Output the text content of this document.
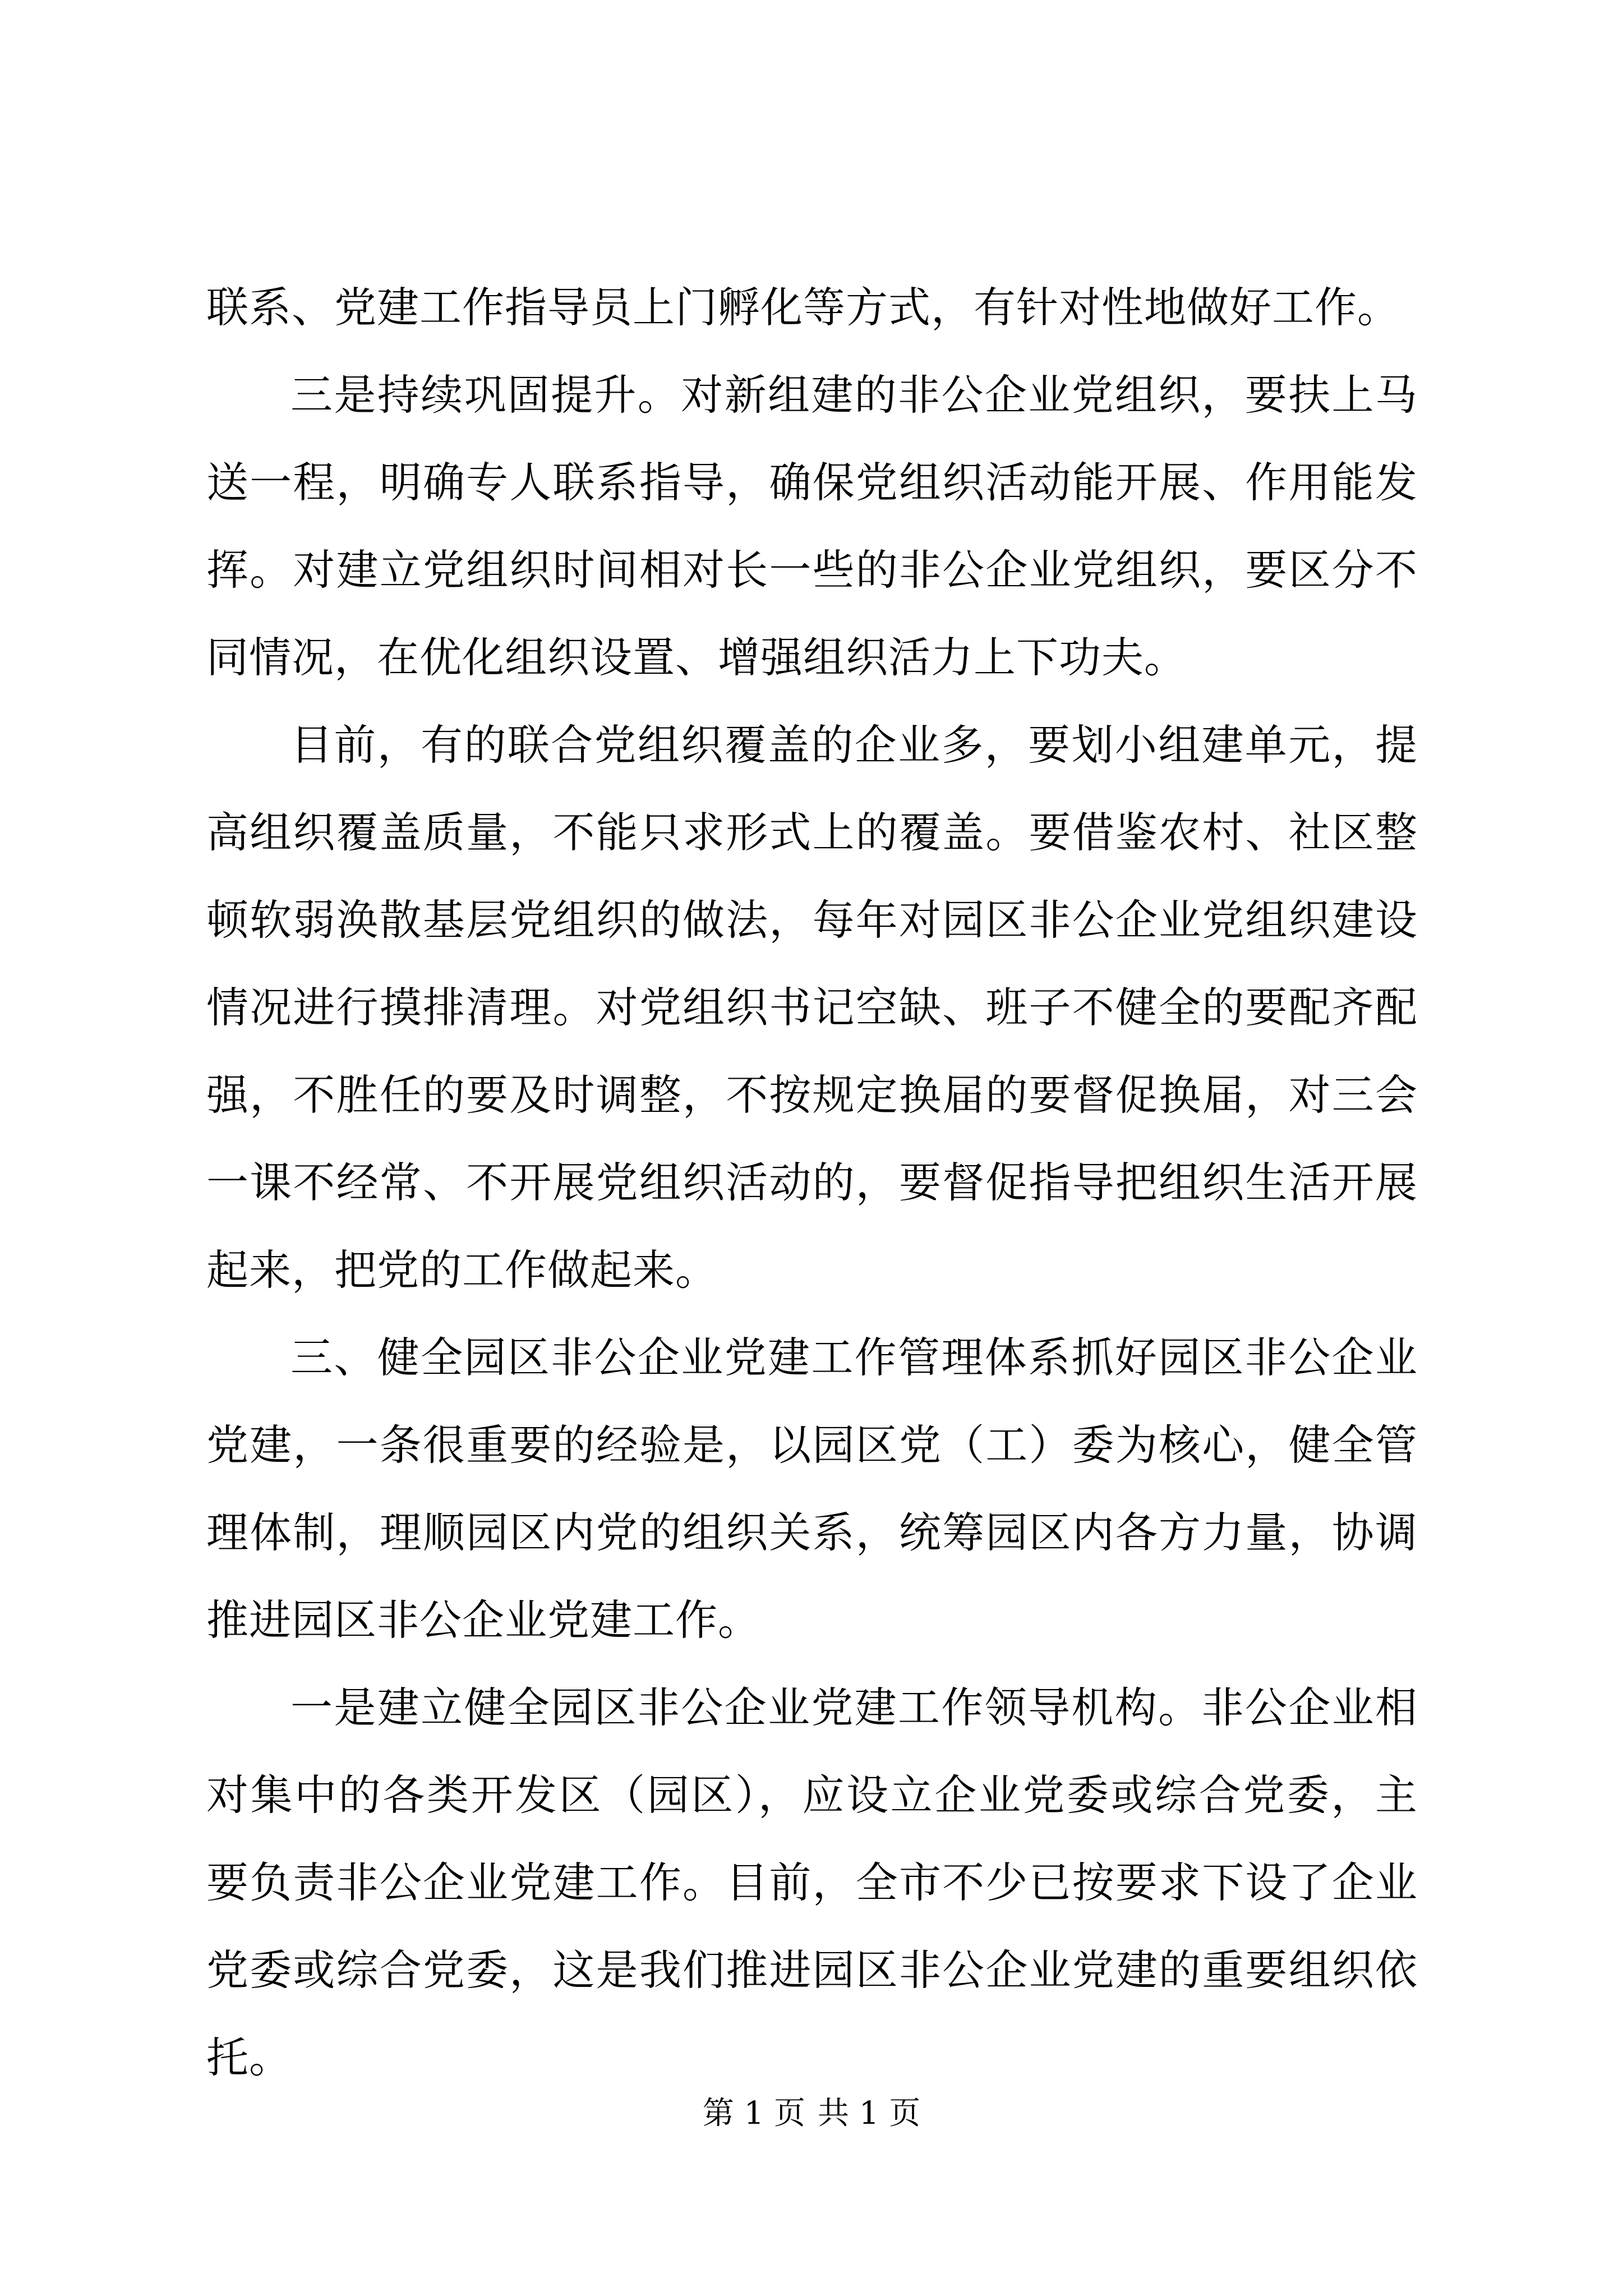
联系、党建工作指导员上门孵化等方式，有针对性地做好工作。

三是持续巩固提升。对新组建的非公企业党组织，要扶上马送一程，明确专人联系指导，确保党组织活动能开展、作用能发挥。对建立党组织时间相对长一些的非公企业党组织，要区分不同情况，在优化组织设置、增强组织活力上下功夫。

目前，有的联合党组织覆盖的企业多，要划小组建单元，提高组织覆盖质量，不能只求形式上的覆盖。要借鉴农村、社区整顿软弱涣散基层党组织的做法，每年对园区非公企业党组织建设情况进行摸排清理。对党组织书记空缺、班子不健全的要配齐配强，不胜任的要及时调整，不按规定换届的要督促换届，对三会一课不经常、不开展党组织活动的，要督促指导把组织生活开展起来，把党的工作做起来。

三、健全园区非公企业党建工作管理体系抓好园区非公企业党建，一条很重要的经验是，以园区党（工）委为核心，健全管理体制，理顺园区内党的组织关系，统筹园区内各方力量，协调推进园区非公企业党建工作。

一是建立健全园区非公企业党建工作领导机构。非公企业相对集中的各类开发区（园区），应设立企业党委或综合党委，主要负责非公企业党建工作。目前，全市不少已按要求下设了企业党委或综合党委，这是我们推进园区非公企业党建的重要组织依托。

第 1 页 共 1 页
